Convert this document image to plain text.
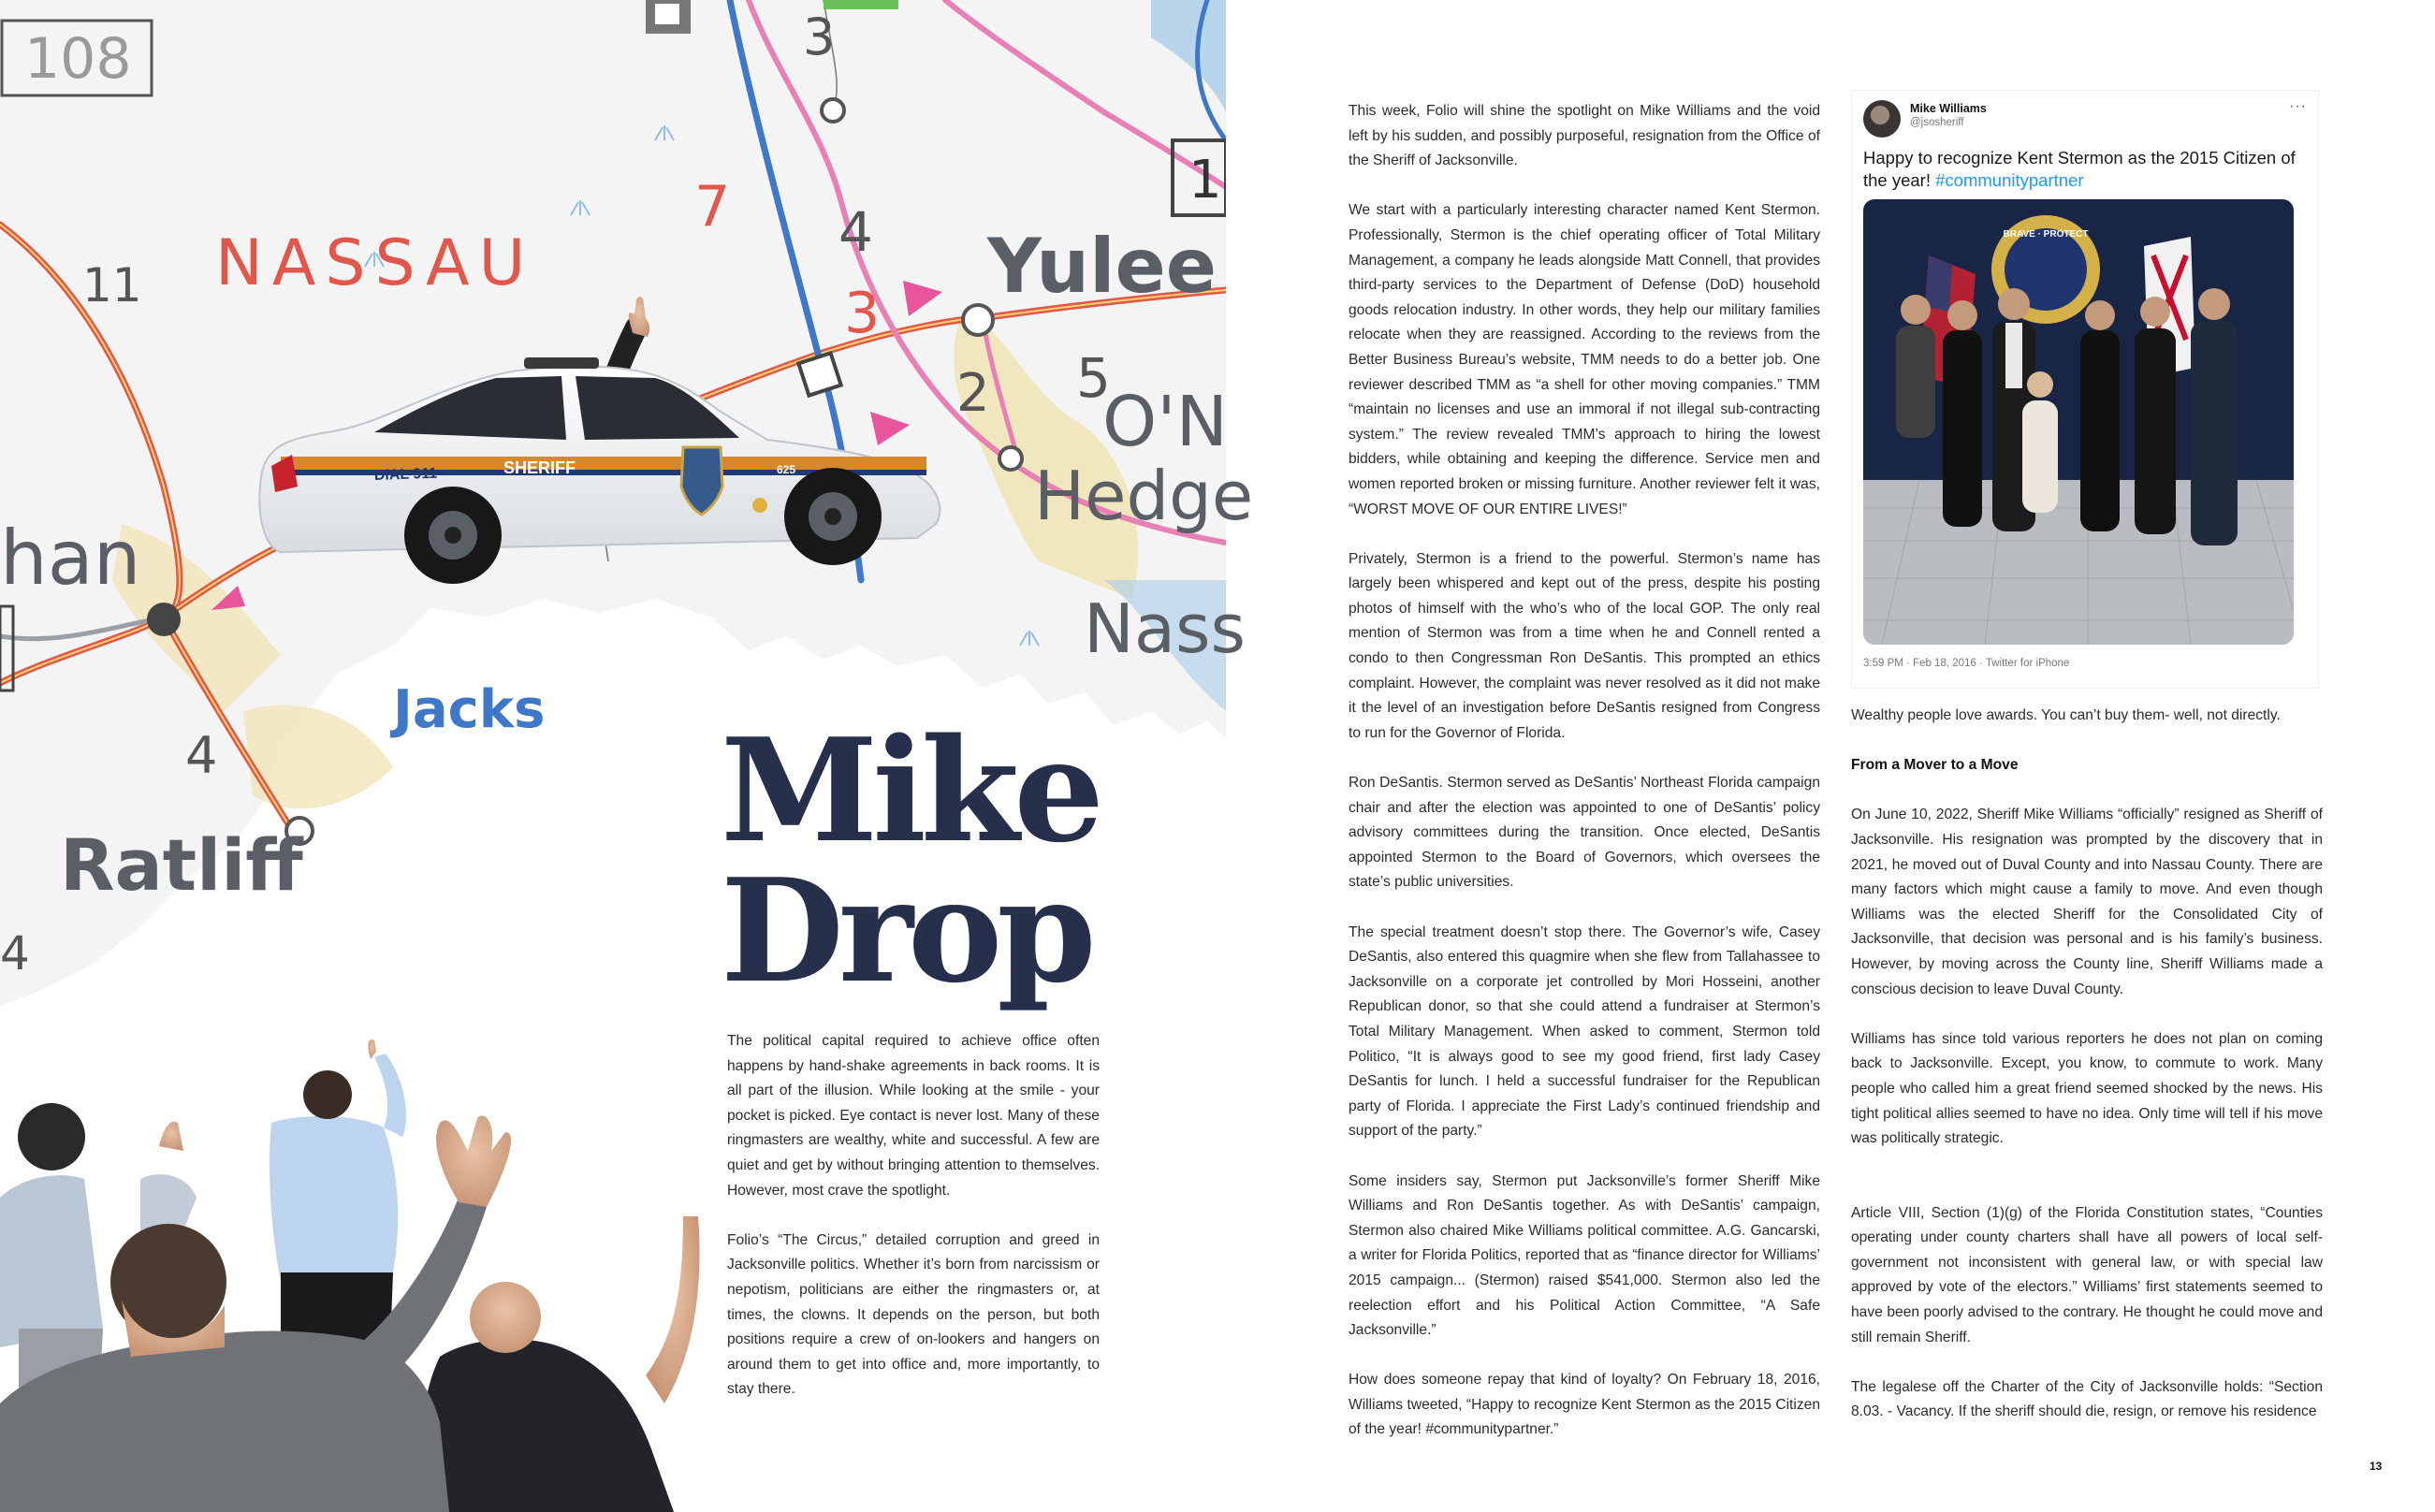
DIAL 911	SHERIFF	625
108
NASSAU	Yulee
O'N
Hedge
Nass
han
Jacks
Ratliff
11
7 4
3
3
2 5
4
4
1
Mike
Drop

The political capital required to achieve office often happens by hand-shake agreements in back rooms. It is all part of the illusion. While looking at the smile - your pocket is picked. Eye contact is never lost. Many of these ringmasters are wealthy, white and successful. A few are quiet and get by without bringing attention to themselves. However, most crave the spotlight.

Folio’s “The Circus,” detailed corruption and greed in Jacksonville politics. Whether it’s born from narcissism or nepotism, politicians are either the ringmasters or, at times, the clowns. It depends on the person, but both positions require a crew of on-lookers and hangers on around them to get into office and, more importantly, to stay there.

This week, Folio will shine the spotlight on Mike Williams and the void left by his sudden, and possibly purposeful, resignation from the Office of the Sheriff of Jacksonville.

We start with a particularly interesting character named Kent Stermon. Professionally, Stermon is the chief operating officer of Total Military Management, a company he leads alongside Matt Connell, that provides third-party services to the Department of Defense (DoD) household goods relocation industry. In other words, they help our military families relocate when they are reassigned. According to the reviews from the Better Business Bureau’s website, TMM needs to do a better job. One reviewer described TMM as “a shell for other moving companies.” TMM “maintain no licenses and use an immoral if not illegal sub-contracting system.” The review revealed TMM’s approach to hiring the lowest bidders, while obtaining and keeping the difference. Service men and women reported broken or missing furniture. Another reviewer felt it was, “WORST MOVE OF OUR ENTIRE LIVES!”

Privately, Stermon is a friend to the powerful. Stermon’s name has largely been whispered and kept out of the press, despite his posting photos of himself with the who’s who of the local GOP. The only real mention of Stermon was from a time when he and Connell rented a condo to then Congressman Ron DeSantis. This prompted an ethics complaint. However, the complaint was never resolved as it did not make it the level of an investigation before DeSantis resigned from Congress to run for the Governor of Florida.

Ron DeSantis. Stermon served as DeSantis’ Northeast Florida campaign chair and after the election was appointed to one of DeSantis’ policy advisory committees during the transition. Once elected, DeSantis appointed Stermon to the Board of Governors, which oversees the state’s public universities.

The special treatment doesn’t stop there. The Governor’s wife, Casey DeSantis, also entered this quagmire when she flew from Tallahassee to Jacksonville on a corporate jet controlled by Mori Hosseini, another Republican donor, so that she could attend a fundraiser at Stermon’s Total Military Management. When asked to comment, Stermon told Politico, “It is always good to see my good friend, first lady Casey DeSantis for lunch. I held a successful fundraiser for the Republican party of Florida. I appreciate the First Lady’s continued friendship and support of the party.”

Some insiders say, Stermon put Jacksonville’s former Sheriff Mike Williams and Ron DeSantis together. As with DeSantis’ campaign, Stermon also chaired Mike Williams political committee. A.G. Gancarski, a writer for Florida Politics, reported that as “finance director for Williams’ 2015 campaign... (Stermon) raised $541,000. Stermon also led the reelection effort and his Political Action Committee, “A Safe Jacksonville.”

How does someone repay that kind of loyalty? On February 18, 2016, Williams tweeted, “Happy to recognize Kent Stermon as the 2015 Citizen of the year! #communitypartner.”

Mike Williams
@jsosheriff
···
Happy to recognize Kent Stermon as the 2015 Citizen of the year! #communitypartner
BRAVE · PROTECT
3:59 PM · Feb 18, 2016 · Twitter for iPhone

Wealthy people love awards. You can’t buy them- well, not directly.

From a Mover to a Move

On June 10, 2022, Sheriff Mike Williams “officially” resigned as Sheriff of Jacksonville. His resignation was prompted by the discovery that in 2021, he moved out of Duval County and into Nassau County. There are many factors which might cause a family to move. And even though Williams was the elected Sheriff for the Consolidated City of Jacksonville, that decision was personal and is his family’s business. However, by moving across the County line, Sheriff Williams made a conscious decision to leave Duval County.

Williams has since told various reporters he does not plan on coming back to Jacksonville. Except, you know, to commute to work. Many people who called him a great friend seemed shocked by the news. His tight political allies seemed to have no idea. Only time will tell if his move was politically strategic.

Article VIII, Section (1)(g) of the Florida Constitution states, “Counties operating under county charters shall have all powers of local self-government not inconsistent with general law, or with special law approved by vote of the electors.” Williams’ first statements seemed to have been poorly advised to the contrary. He thought he could move and still remain Sheriff.

The legalese off the Charter of the City of Jacksonville holds: “Section 8.03. - Vacancy. If the sheriff should die, resign, or remove his residence

13
